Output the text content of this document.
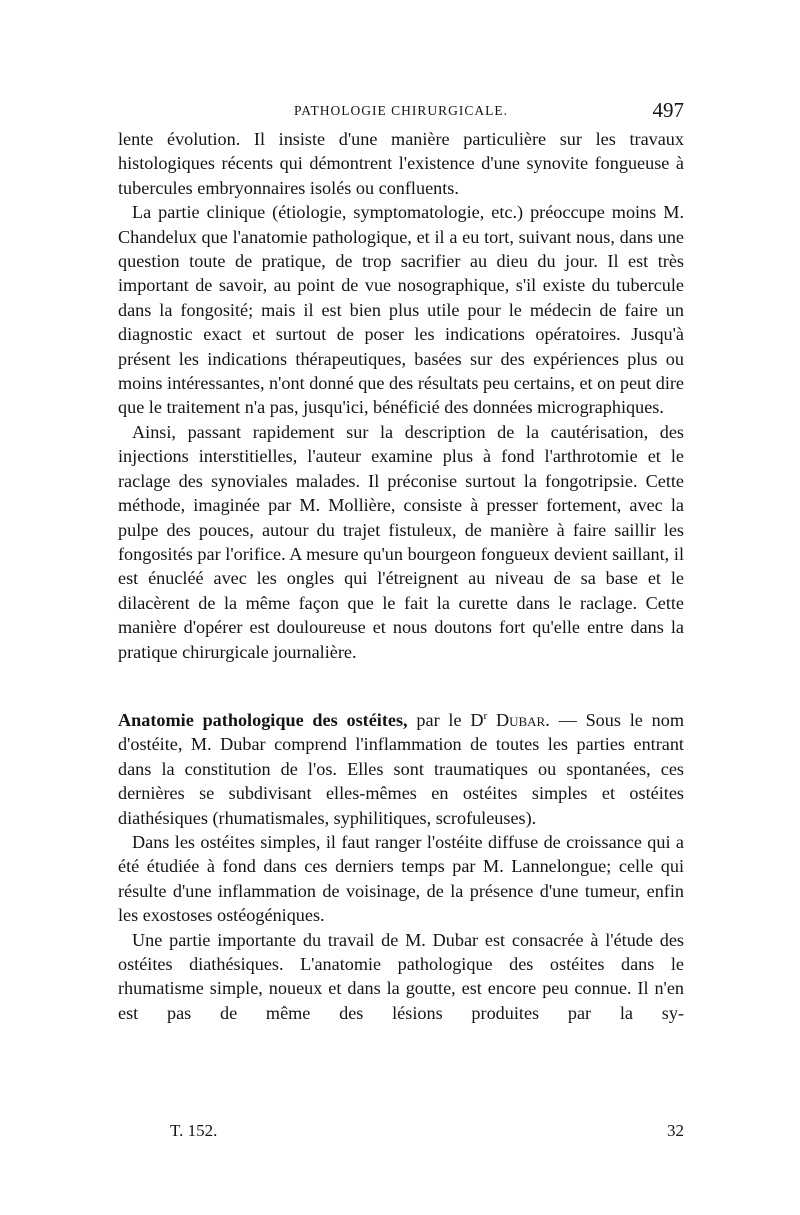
PATHOLOGIE CHIRURGICALE.	497

lente évolution. Il insiste d'une manière particulière sur les travaux histologiques récents qui démontrent l'existence d'une synovite fongueuse à tubercules embryonnaires isolés ou confluents.

La partie clinique (étiologie, symptomatologie, etc.) préoccupe moins M. Chandelux que l'anatomie pathologique, et il a eu tort, suivant nous, dans une question toute de pratique, de trop sacrifier au dieu du jour. Il est très important de savoir, au point de vue nosographique, s'il existe du tubercule dans la fongosité; mais il est bien plus utile pour le médecin de faire un diagnostic exact et surtout de poser les indications opératoires. Jusqu'à présent les indications thérapeutiques, basées sur des expériences plus ou moins intéressantes, n'ont donné que des résultats peu certains, et on peut dire que le traitement n'a pas, jusqu'ici, bénéficié des données micrographiques.

Ainsi, passant rapidement sur la description de la cautérisation, des injections interstitielles, l'auteur examine plus à fond l'arthrotomie et le raclage des synoviales malades. Il préconise surtout la fongotripsie. Cette méthode, imaginée par M. Mollière, consiste à presser fortement, avec la pulpe des pouces, autour du trajet fistuleux, de manière à faire saillir les fongosités par l'orifice. A mesure qu'un bourgeon fongueux devient saillant, il est énucléé avec les ongles qui l'étreignent au niveau de sa base et le dilacèrent de la même façon que le fait la curette dans le raclage. Cette manière d'opérer est douloureuse et nous doutons fort qu'elle entre dans la pratique chirurgicale journalière.

Anatomie pathologique des ostéites, par le $D^r$ Dubar. — Sous le nom d'ostéite, M. Dubar comprend l'inflammation de toutes les parties entrant dans la constitution de l'os. Elles sont traumatiques ou spontanées, ces dernières se subdivisant elles-mêmes en ostéites simples et ostéites diathésiques (rhumatismales, syphilitiques, scrofuleuses).

Dans les ostéites simples, il faut ranger l'ostéite diffuse de croissance qui a été étudiée à fond dans ces derniers temps par M. Lannelongue; celle qui résulte d'une inflammation de voisinage, de la présence d'une tumeur, enfin les exostoses ostéogéniques.

Une partie importante du travail de M. Dubar est consacrée à l'étude des ostéites diathésiques. L'anatomie pathologique des ostéites dans le rhumatisme simple, noueux et dans la goutte, est encore peu connue. Il n'en est pas de même des lésions produites par la sy-

T. 152.	32
